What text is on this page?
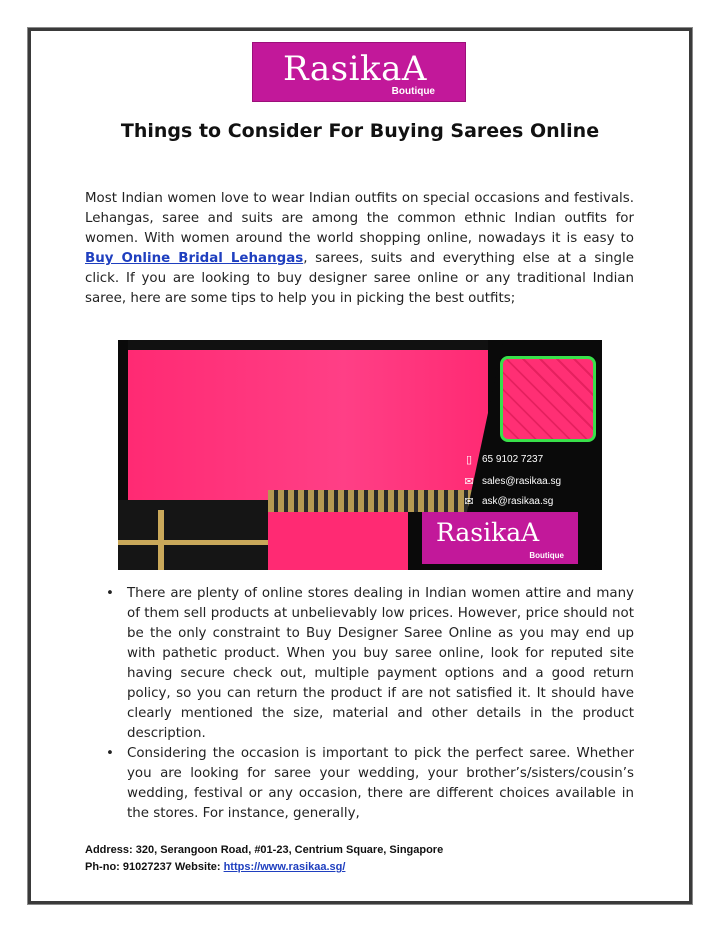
RasikaA
Boutique
Things to Consider For Buying Sarees Online

Most Indian women love to wear Indian outfits on special occasions and festivals. Lehangas, saree and suits are among the common ethnic Indian outfits for women. With women around the world shopping online, nowadays it is easy to Buy Online Bridal Lehangas, sarees, suits and everything else at a single click. If you are looking to buy designer saree online or any traditional Indian saree, here are some tips to help you in picking the best outfits;

▯ 65 9102 7237
✉ sales@rasikaa.sg
✉ ask@rasikaa.sg
RasikaA
Boutique
• There are plenty of online stores dealing in Indian women attire and many of them sell products at unbelievably low prices. However, price should not be the only constraint to Buy Designer Saree Online as you may end up with pathetic product. When you buy saree online, look for reputed site having secure check out, multiple payment options and a good return policy, so you can return the product if are not satisfied it. It should have clearly mentioned the size, material and other details in the product description.
• Considering the occasion is important to pick the perfect saree. Whether you are looking for saree your wedding, your brother’s/sisters/cousin’s wedding, festival or any occasion, there are different choices available in the stores. For instance, generally,
Address: 320, Serangoon Road, #01-23, Centrium Square, Singapore
Ph-no: 91027237 Website: https://www.rasikaa.sg/
